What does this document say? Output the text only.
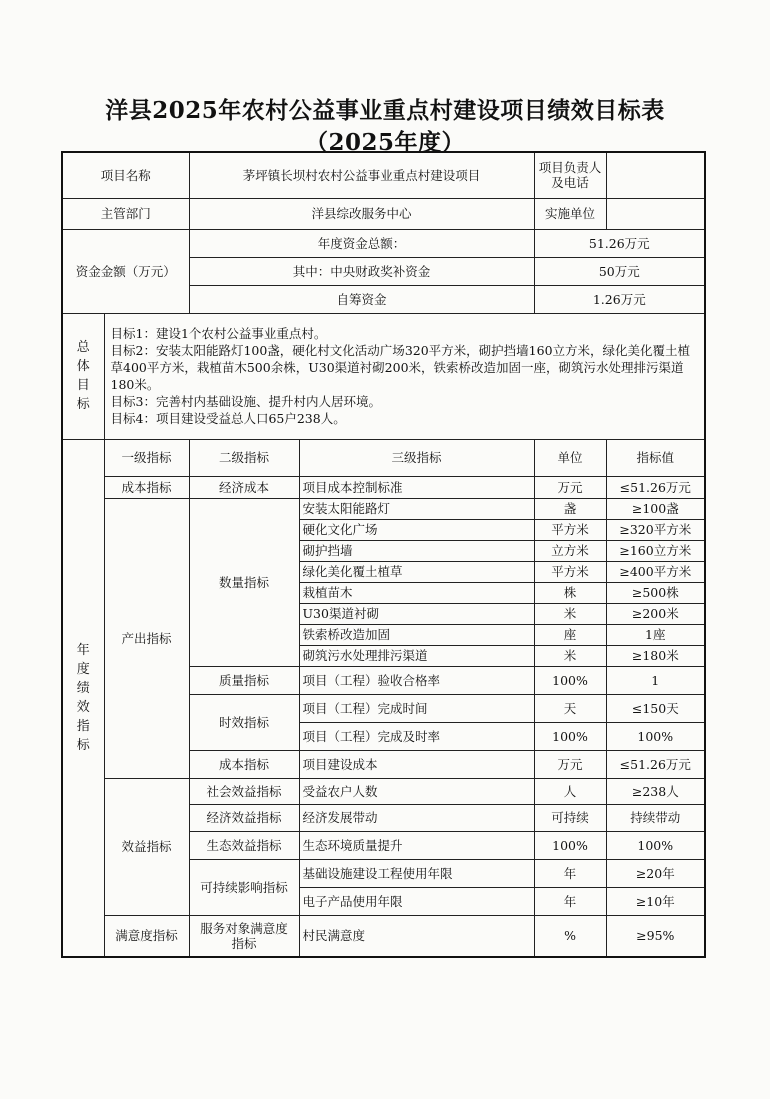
洋县2025年农村公益事业重点村建设项目绩效目标表
（2025年度）
项目名称		茅坪镇长坝村农村公益事业重点村建设项目		项目负责人及电话	
主管部门		洋县综改服务中心		实施单位	
资金金额（万元）		年度资金总额：		51.26万元	
		其中：中央财政奖补资金		50万元	
		自筹资金		1.26万元	

总体目标	目标1：建设1个农村公益事业重点村。
目标2：安装太阳能路灯100盏，硬化村文化活动广场320平方米，砌护挡墙160立方米，绿化美化覆土植草400平方米，栽植苗木500余株，U30渠道衬砌200米，铁索桥改造加固一座，砌筑污水处理排污渠道180米。
目标3：完善村内基础设施、提升村内人居环境。
目标4：项目建设受益总人口65户238人。				

年度绩效指标	一级指标	二级指标	三级指标	单位	指标值
	成本指标	经济成本	项目成本控制标准	万元	≤51.26万元
	产出指标	数量指标	安装太阳能路灯	盏	≥100盏
			硬化文化广场	平方米	≥320平方米
			砌护挡墙	立方米	≥160立方米
			绿化美化覆土植草	平方米	≥400平方米
			栽植苗木	株	≥500株
			U30渠道衬砌	米	≥200米
			铁索桥改造加固	座	1座
			砌筑污水处理排污渠道	米	≥180米
		质量指标	项目（工程）验收合格率	100%	1
		时效指标	项目（工程）完成时间	天	≤150天
			项目（工程）完成及时率	100%	100%
		成本指标	项目建设成本	万元	≤51.26万元
	效益指标	社会效益指标	受益农户人数	人	≥238人
		经济效益指标	经济发展带动	可持续	持续带动
		生态效益指标	生态环境质量提升	100%	100%
		可持续影响指标	基础设施建设工程使用年限	年	≥20年
			电子产品使用年限	年	≥10年
	满意度指标	服务对象满意度指标	村民满意度	%	≥95%
